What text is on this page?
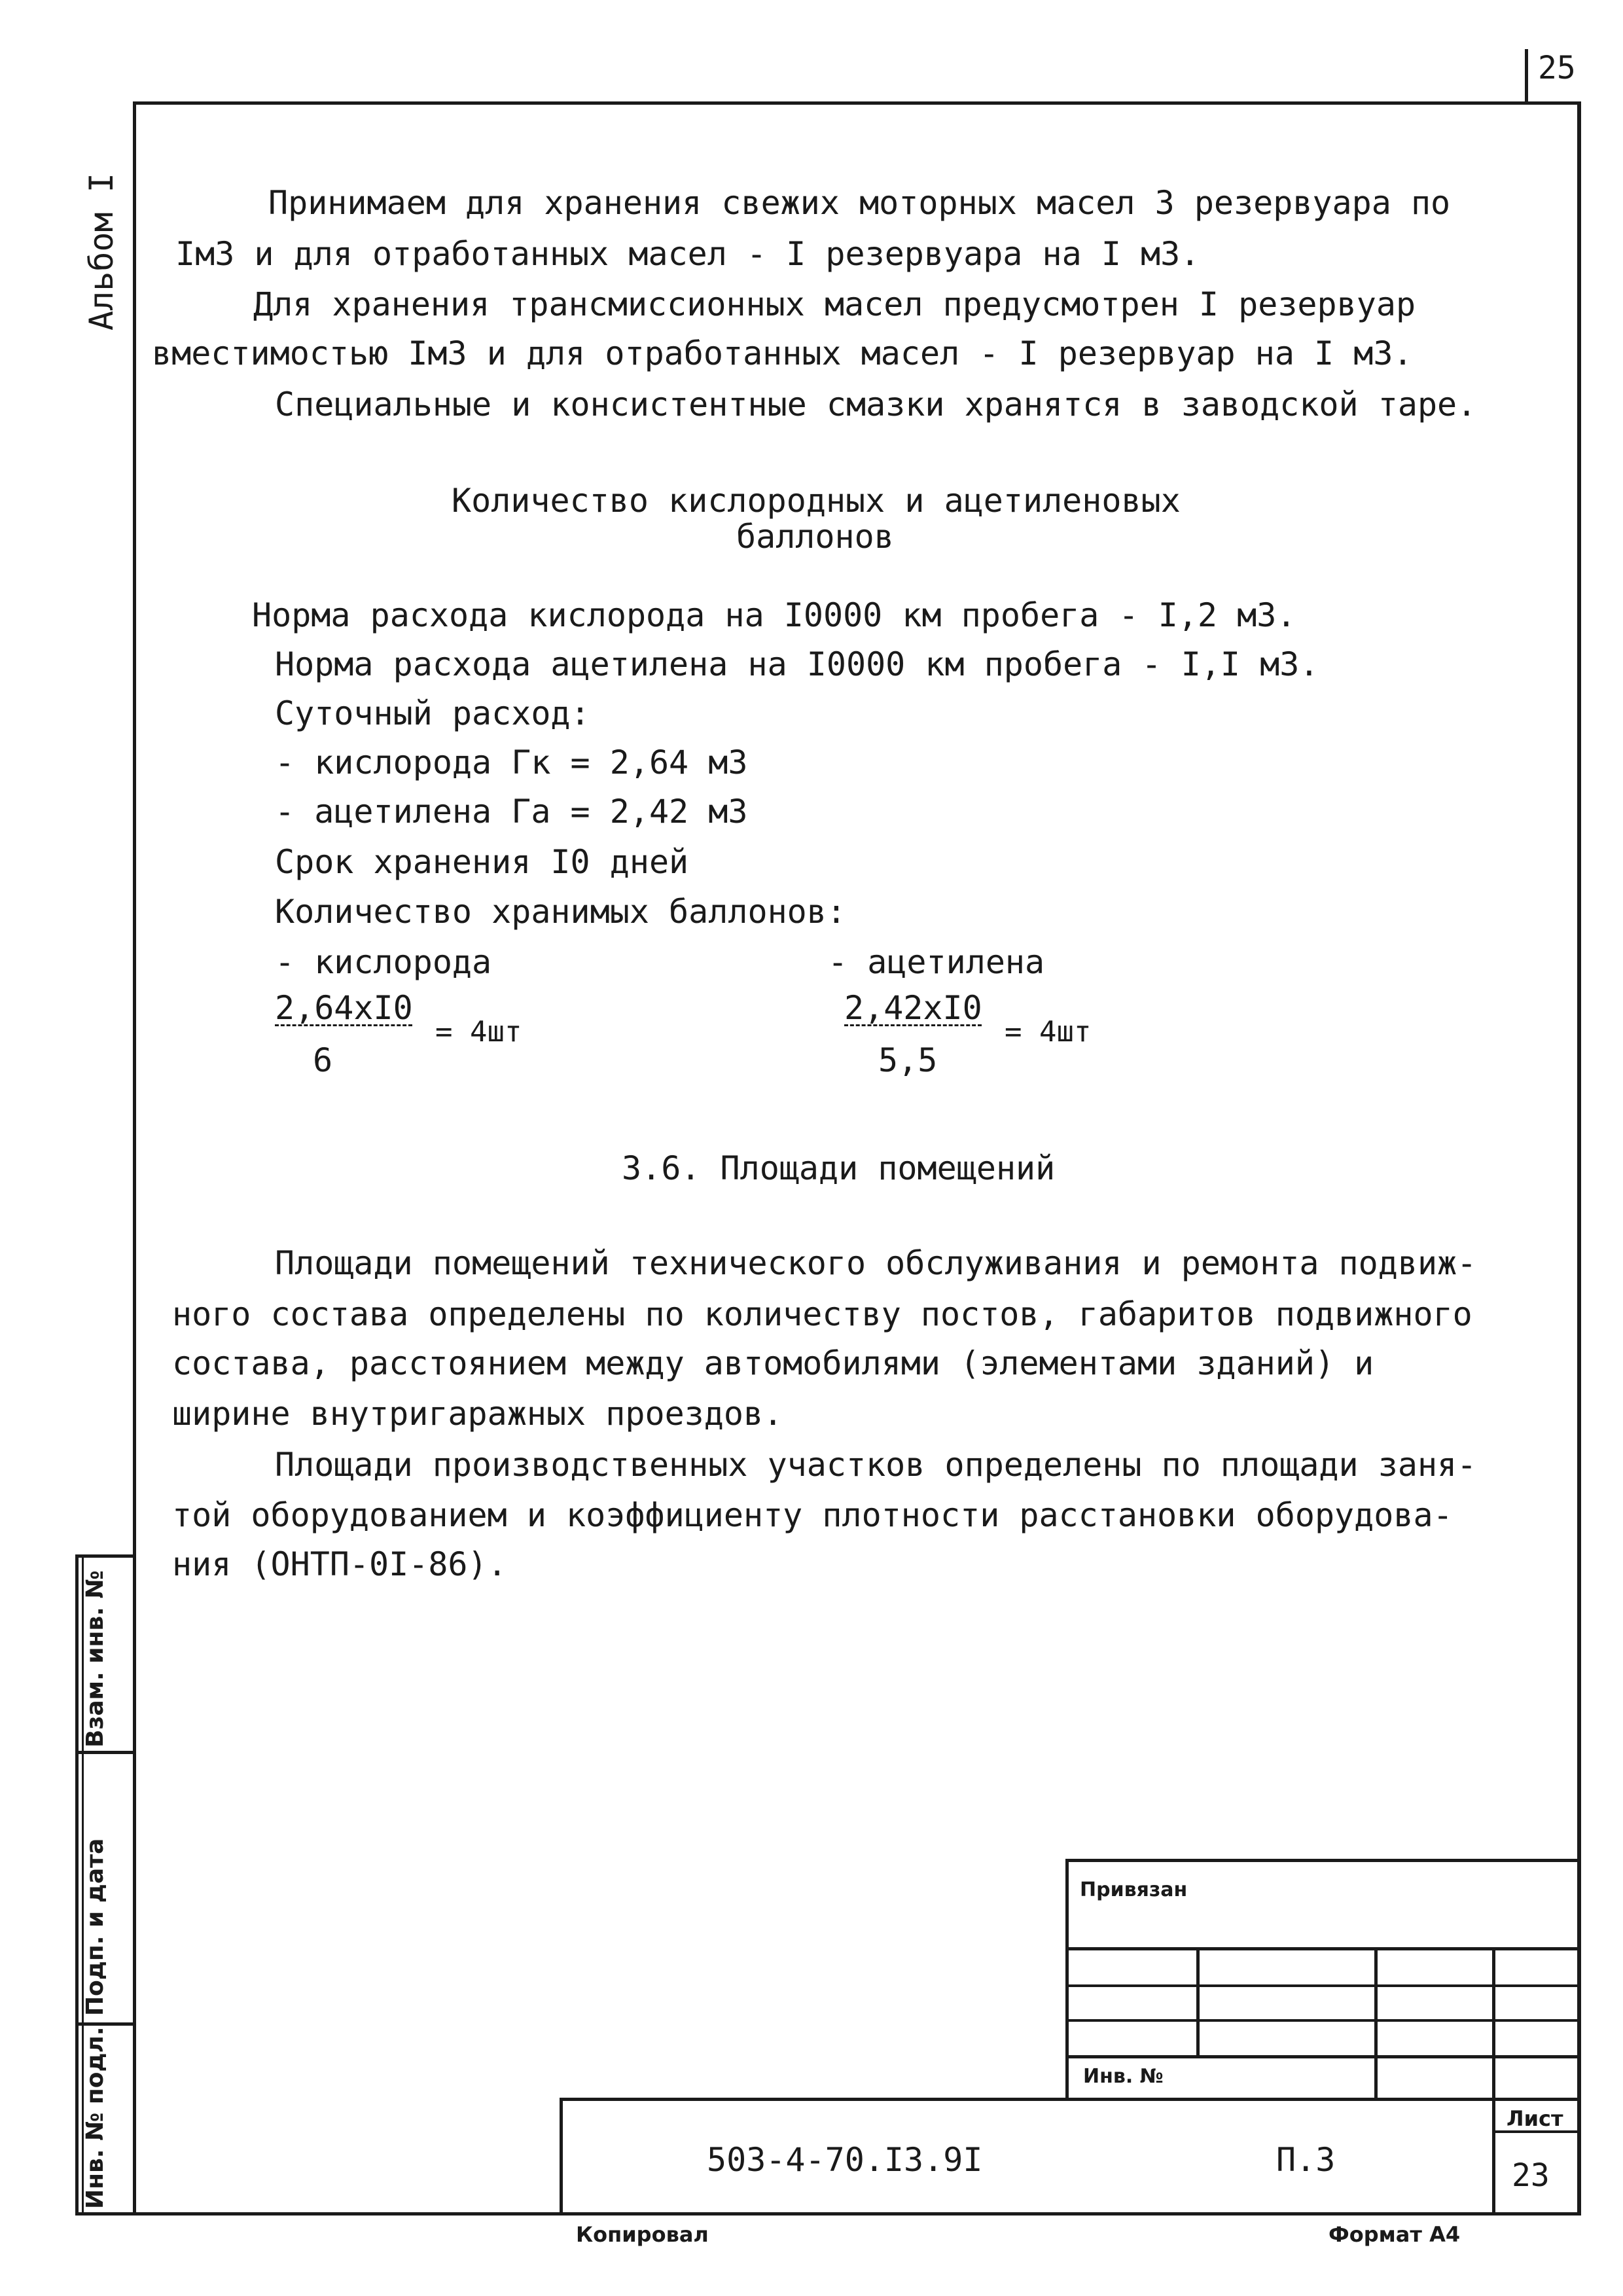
25
Альбом I	Принимаем для хранения свежих моторных масел 3 резервуара по
Iм3 и для отработанных масел - I резервуара на I м3.
Для хранения трансмиссионных масел предусмотрен I резервуар
вместимостью Iм3 и для отработанных масел - I резервуар на I м3.
Специальные и консистентные смазки хранятся в заводской таре.
Количество кислородных и ацетиленовых
баллонов
Норма расхода кислорода на I0000 км пробега - I,2 м3.
Норма расхода ацетилена на I0000 км пробега - I,I м3.
Суточный расход:
- кислорода Гк = 2,64 м3
- ацетилена Га = 2,42 м3
Срок хранения I0 дней
Количество хранимых баллонов:
- кислорода	- ацетилена
2,64xI0
= 4шт
6
2,42xI0
= 4шт
5,5
3.6. Площади помещений
Площади помещений технического обслуживания и ремонта подвиж-
ного состава определены по количеству постов, габаритов подвижного
состава, расстоянием между автомобилями (элементами зданий) и
ширине внутригаражных проездов.
Площади производственных участков определены по площади заня-
той оборудованием и коэффициенту плотности расстановки оборудова-
ния (ОНТП-0I-86).
Взам. инв. №
Подп. и дата
Инв. № подл.
Привязан
Инв. №
503-4-70.I3.9I	П.3
Лист
23
Копировал	Формат А4
